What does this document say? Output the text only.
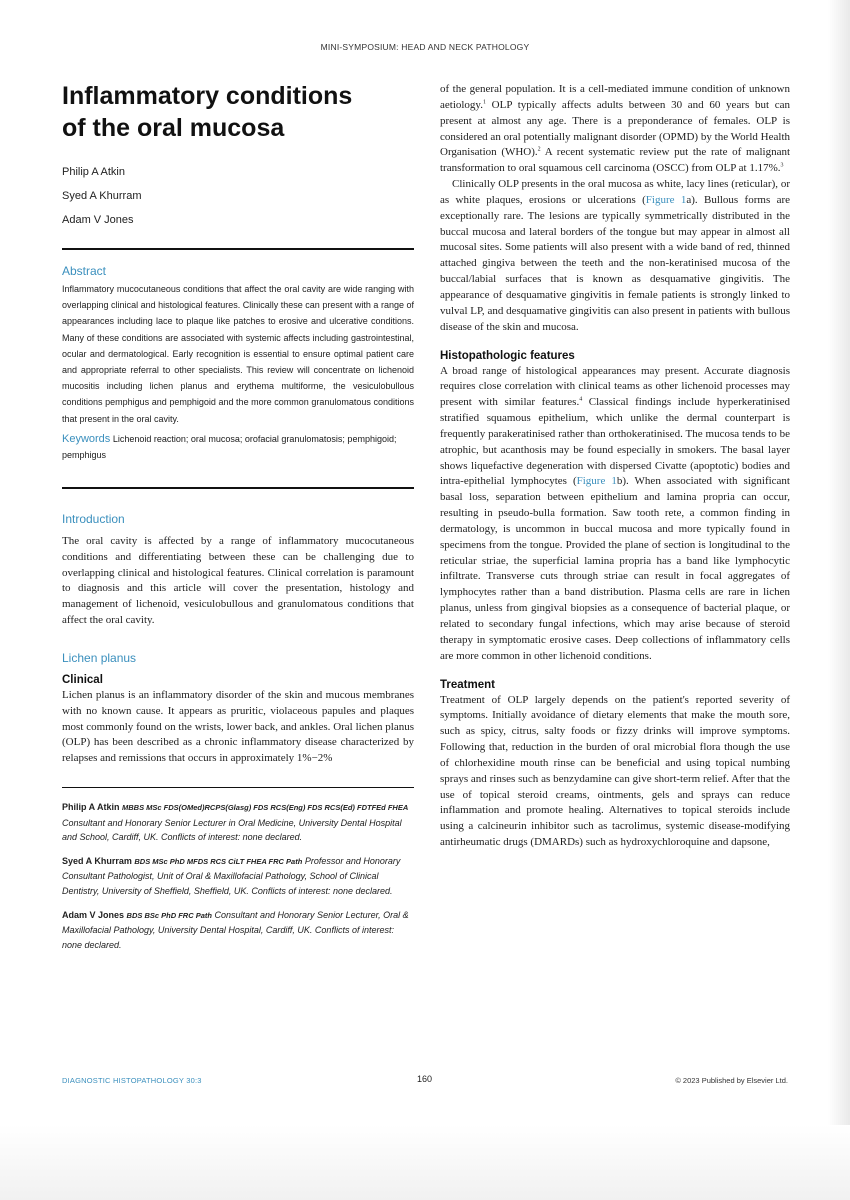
MINI-SYMPOSIUM: HEAD AND NECK PATHOLOGY
Inflammatory conditions
of the oral mucosa
Philip A Atkin
Syed A Khurram
Adam V Jones
Abstract

Inflammatory mucocutaneous conditions that affect the oral cavity are wide ranging with overlapping clinical and histological features. Clinically these can present with a range of appearances including lace to plaque like patches to erosive and ulcerative conditions. Many of these conditions are associated with systemic affects including gastrointestinal, ocular and dermatological. Early recognition is essential to ensure optimal patient care and appropriate referral to other specialists. This review will concentrate on lichenoid mucositis including lichen planus and erythema multiforme, the vesiculobullous conditions pemphigus and pemphigoid and the more common granulomatous conditions that present in the oral cavity.

Keywords Lichenoid reaction; oral mucosa; orofacial granulomatosis; pemphigoid; pemphigus

Introduction

The oral cavity is affected by a range of inflammatory mucocutaneous conditions and differentiating between these can be challenging due to overlapping clinical and histological features. Clinical correlation is paramount to diagnosis and this article will cover the presentation, histology and management of lichenoid, vesiculobullous and granulomatous conditions that affect the oral cavity.

Lichen planus
Clinical

Lichen planus is an inflammatory disorder of the skin and mucous membranes with no known cause. It appears as pruritic, violaceous papules and plaques most commonly found on the wrists, lower back, and ankles. Oral lichen planus (OLP) has been described as a chronic inflammatory disease characterized by relapses and remissions that occurs in approximately 1%−2%

Philip A Atkin MBBS MSc FDS(OMed)RCPS(Glasg) FDS RCS(Eng) FDS RCS(Ed) FDTFEd FHEA Consultant and Honorary Senior Lecturer in Oral Medicine, University Dental Hospital and School, Cardiff, UK. Conflicts of interest: none declared.

Syed A Khurram BDS MSc PhD MFDS RCS CiLT FHEA FRC Path Professor and Honorary Consultant Pathologist, Unit of Oral & Maxillofacial Pathology, School of Clinical Dentistry, University of Sheffield, Sheffield, UK. Conflicts of interest: none declared.

Adam V Jones BDS BSc PhD FRC Path Consultant and Honorary Senior Lecturer, Oral & Maxillofacial Pathology, University Dental Hospital, Cardiff, UK. Conflicts of interest: none declared.

of the general population. It is a cell-mediated immune condition of unknown aetiology.$^1$ OLP typically affects adults between 30 and 60 years but can present at almost any age. There is a preponderance of females. OLP is considered an oral potentially malignant disorder (OPMD) by the World Health Organisation (WHO).$^2$ A recent systematic review put the rate of malignant transformation to oral squamous cell carcinoma (OSCC) from OLP at 1.17%.$^3$

Clinically OLP presents in the oral mucosa as white, lacy lines (reticular), or as white plaques, erosions or ulcerations (Figure 1a). Bullous forms are exceptionally rare. The lesions are typically symmetrically distributed in the buccal mucosa and lateral borders of the tongue but may appear in almost all mucosal sites. Some patients will also present with a wide band of red, thinned attached gingiva between the teeth and the non-keratinised mucosa of the buccal/labial surfaces that is known as desquamative gingivitis. The appearance of desquamative gingivitis in female patients is strongly linked to vulval LP, and desquamative gingivitis can also present in patients with bullous disease of the skin and mucosa.

Histopathologic features

A broad range of histological appearances may present. Accurate diagnosis requires close correlation with clinical teams as other lichenoid processes may present with similar features.$^4$ Classical findings include hyperkeratinised stratified squamous epithelium, which unlike the dermal counterpart is frequently parakeratinised rather than orthokeratinised. The mucosa tends to be atrophic, but acanthosis may be found especially in smokers. The basal layer shows liquefactive degeneration with dispersed Civatte (apoptotic) bodies and intra-epithelial lymphocytes (Figure 1b). When associated with significant basal loss, separation between epithelium and lamina propria can occur, resulting in pseudo-bulla formation. Saw tooth rete, a common finding in dermatology, is uncommon in buccal mucosa and more typically found in specimens from the tongue. Provided the plane of section is longitudinal to the reticular striae, the superficial lamina propria has a band like lymphocytic infiltrate. Transverse cuts through striae can result in focal aggregates of lymphocytes rather than a band distribution. Plasma cells are rare in lichen planus, unless from gingival biopsies as a consequence of bacterial plaque, or related to secondary fungal infections, which may arise because of steroid therapy in symptomatic erosive cases. Deep collections of inflammatory cells are more common in other lichenoid conditions.

Treatment

Treatment of OLP largely depends on the patient's reported severity of symptoms. Initially avoidance of dietary elements that make the mouth sore, such as spicy, citrus, salty foods or fizzy drinks will improve symptoms. Following that, reduction in the burden of oral microbial flora though the use of chlorhexidine mouth rinse can be beneficial and using topical numbing sprays and rinses such as benzydamine can give short-term relief. After that the use of topical steroid creams, ointments, gels and sprays can reduce inflammation and promote healing. Alternatives to topical steroids include using a calcineurin inhibitor such as tacrolimus, systemic disease-modifying antirheumatic drugs (DMARDs) such as hydroxychloroquine and dapsone,

DIAGNOSTIC HISTOPATHOLOGY 30:3	160	© 2023 Published by Elsevier Ltd.
